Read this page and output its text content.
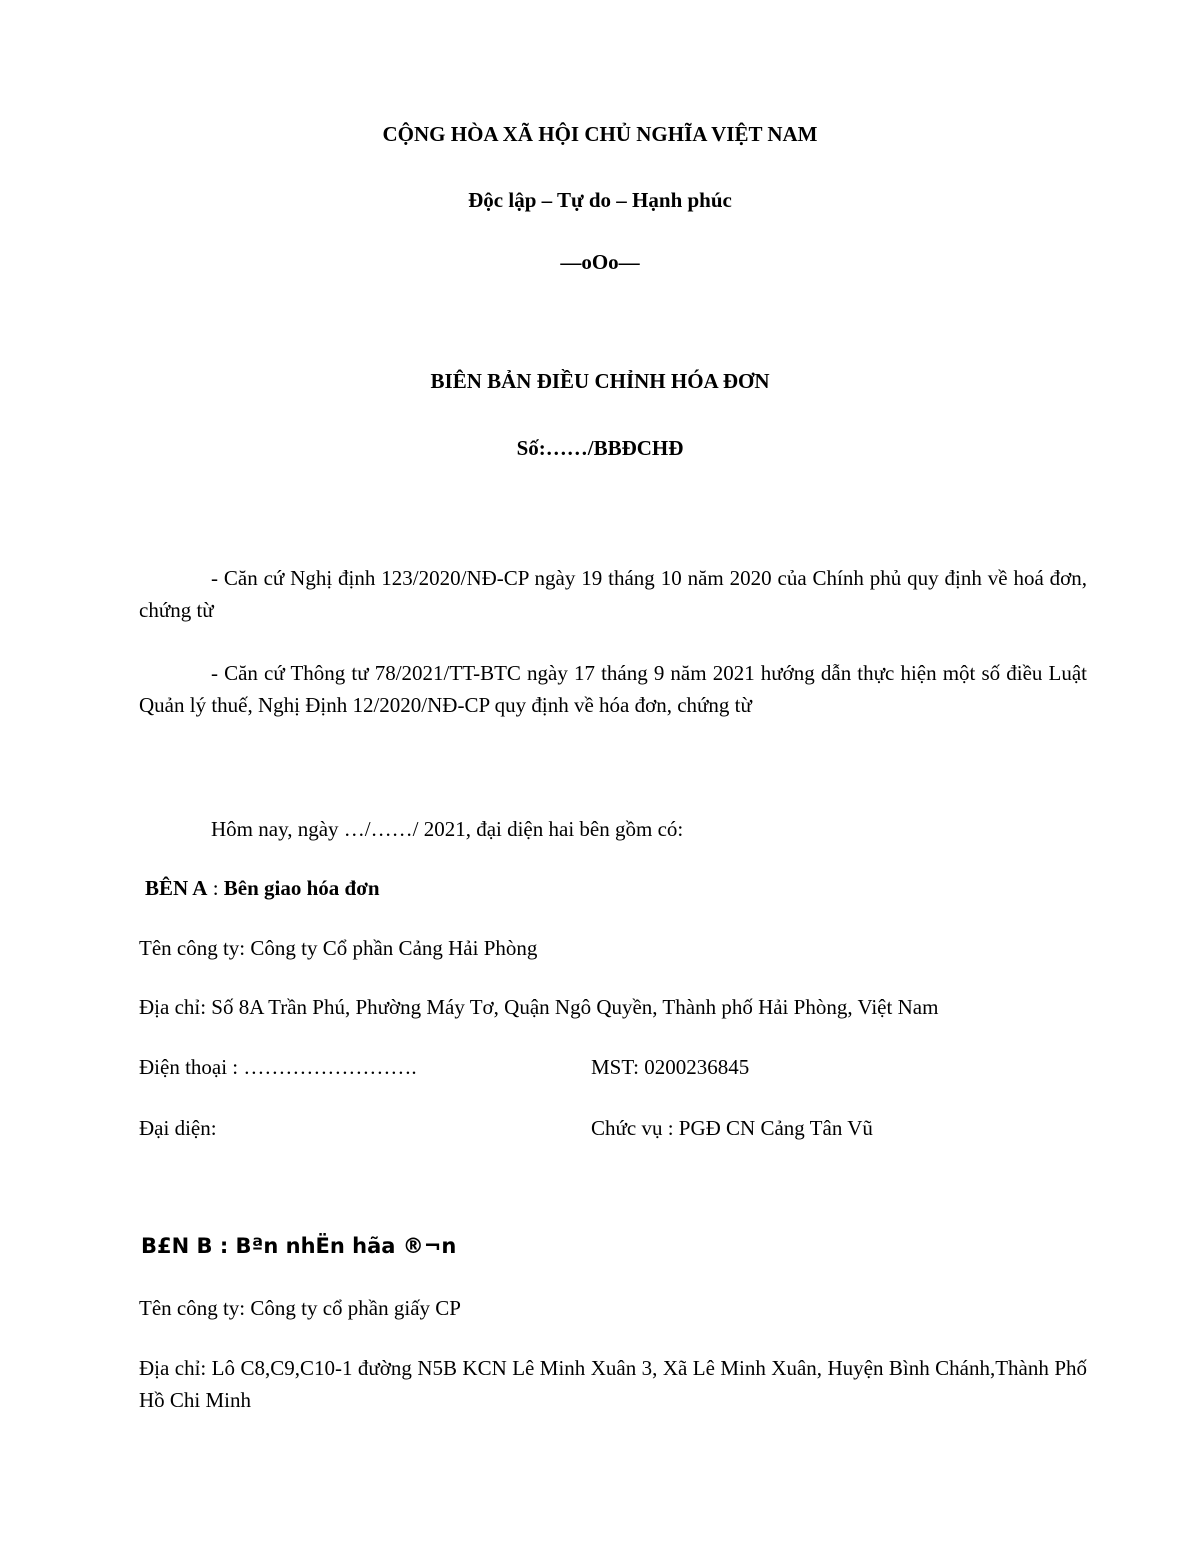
CỘNG HÒA XÃ HỘI CHỦ NGHĨA VIỆT NAM
Độc lập – Tự do – Hạnh phúc
—oOo—
BIÊN BẢN ĐIỀU CHỈNH HÓA ĐƠN
Số:……/BBĐCHĐ
- Căn cứ Nghị định 123/2020/NĐ-CP ngày 19 tháng 10 năm 2020 của Chính phủ quy định về hoá đơn, chứng từ
- Căn cứ Thông tư 78/2021/TT-BTC ngày 17 tháng 9 năm 2021 hướng dẫn thực hiện một số điều Luật Quản lý thuế, Nghị Định 12/2020/NĐ-CP quy định về hóa đơn, chứng từ
Hôm nay, ngày …/……/ 2021, đại diện hai bên gồm có:
BÊN A : Bên giao hóa đơn
Tên công ty: Công ty Cổ phần Cảng Hải Phòng
Địa chỉ: Số 8A Trần Phú, Phường Máy Tơ, Quận Ngô Quyền, Thành phố Hải Phòng, Việt Nam
Điện thoại : …………………….	MST: 0200236845
Đại diện:	Chức vụ : PGĐ CN Cảng Tân Vũ
B£N B : Bªn nhËn hãa ®¬n
Tên công ty: Công ty cổ phần giấy CP
Địa chỉ: Lô C8,C9,C10-1 đường N5B KCN Lê Minh Xuân 3, Xã Lê Minh Xuân, Huyện Bình Chánh,Thành Phố Hồ Chi Minh
